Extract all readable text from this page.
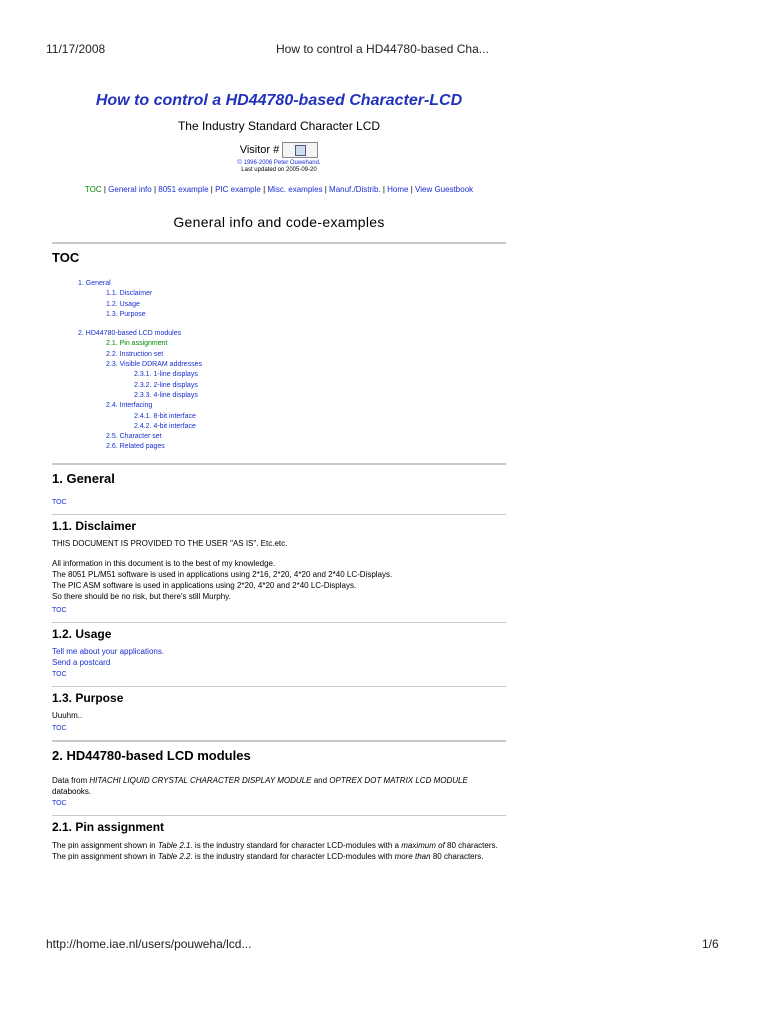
11/17/2008	How to control a HD44780-based Cha...
How to control a HD44780-based Character-LCD
The Industry Standard Character LCD
Visitor #
© 1996-2006 Peter Ouwehand.
Last updated on 2005-09-20
TOC | General info | 8051 example | PIC example | Misc. examples | Manuf./Distrib. | Home | View Guestbook
General info and code-examples
TOC
1. General
1.1. Disclaimer
1.2. Usage
1.3. Purpose
2. HD44780-based LCD modules
2.1. Pin assignment
2.2. Instruction set
2.3. Visible DDRAM addresses
2.3.1. 1-line displays
2.3.2. 2-line displays
2.3.3. 4-line displays
2.4. Interfacing
2.4.1. 8-bit interface
2.4.2. 4-bit interface
2.5. Character set
2.6. Related pages
1. General
TOC
1.1. Disclaimer

THIS DOCUMENT IS PROVIDED TO THE USER "AS IS". Etc.etc.

All information in this document is to the best of my knowledge.

The 8051 PL/M51 software is used in applications using 2*16, 2*20, 4*20 and 2*40 LC-Displays.

The PIC ASM software is used in applications using 2*20, 4*20 and 2*40 LC-Displays.

So there should be no risk, but there's still Murphy.

TOC
1.2. Usage

Tell me about your applications.

Send a postcard

TOC
1.3. Purpose

Uuuhm..

TOC
2. HD44780-based LCD modules

Data from HITACHI LIQUID CRYSTAL CHARACTER DISPLAY MODULE and OPTREX DOT MATRIX LCD MODULE databooks.

TOC
2.1. Pin assignment

The pin assignment shown in Table 2.1. is the industry standard for character LCD-modules with a maximum of 80 characters.

The pin assignment shown in Table 2.2. is the industry standard for character LCD-modules with more than 80 characters.

http://home.iae.nl/users/pouweha/lcd...	1/6
